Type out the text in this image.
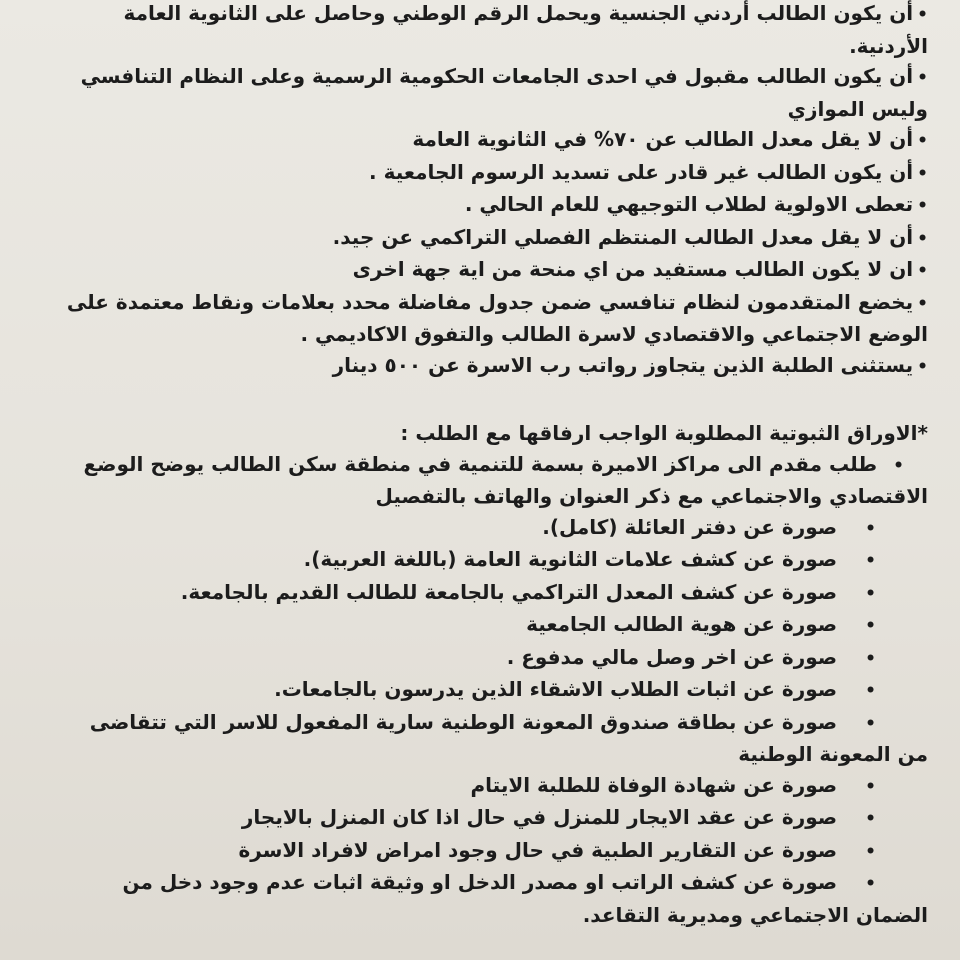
•أن يكون الطالب أردني الجنسية ويحمل الرقم الوطني وحاصل على الثانوية العامة الأردنية.
•أن يكون الطالب مقبول في احدى الجامعات الحكومية الرسمية وعلى النظام التنافسي وليس الموازي
•أن لا يقل معدل الطالب عن ٧٠% في الثانوية العامة
•أن يكون الطالب غير قادر على تسديد الرسوم الجامعية .
•تعطى الاولوية لطلاب التوجيهي للعام الحالي .
•أن لا يقل معدل الطالب المنتظم الفصلي التراكمي عن جيد.
•ان لا يكون الطالب مستفيد من اي منحة من اية جهة اخرى
•يخضع المتقدمون لنظام تنافسي ضمن جدول مفاضلة محدد بعلامات ونقاط معتمدة على الوضع الاجتماعي والاقتصادي لاسرة الطالب والتفوق الاكاديمي .
•يستثنى الطلبة الذين يتجاوز رواتب رب الاسرة عن ٥٠٠ دينار
*الاوراق الثبوتية المطلوبة الواجب ارفاقها مع الطلب :
•طلب مقدم الى مراكز الاميرة بسمة للتنمية في منطقة سكن الطالب يوضح الوضع الاقتصادي والاجتماعي مع ذكر العنوان والهاتف بالتفصيل
•صورة عن دفتر العائلة (كامل).
•صورة عن كشف علامات الثانوية العامة (باللغة العربية).
•صورة عن كشف المعدل التراكمي بالجامعة للطالب القديم بالجامعة.
•صورة عن هوية الطالب الجامعية
•صورة عن اخر وصل مالي مدفوع .
•صورة عن اثبات الطلاب الاشقاء الذين يدرسون بالجامعات.
•صورة عن بطاقة صندوق المعونة الوطنية سارية المفعول للاسر التي تتقاضى من المعونة الوطنية
•صورة عن شهادة الوفاة للطلبة الايتام
•صورة عن عقد الايجار للمنزل في حال اذا كان المنزل بالايجار
•صورة عن التقارير الطبية في حال وجود امراض لافراد الاسرة
•صورة عن كشف الراتب او مصدر الدخل او وثيقة اثبات عدم وجود دخل من الضمان الاجتماعي ومديرية التقاعد.
